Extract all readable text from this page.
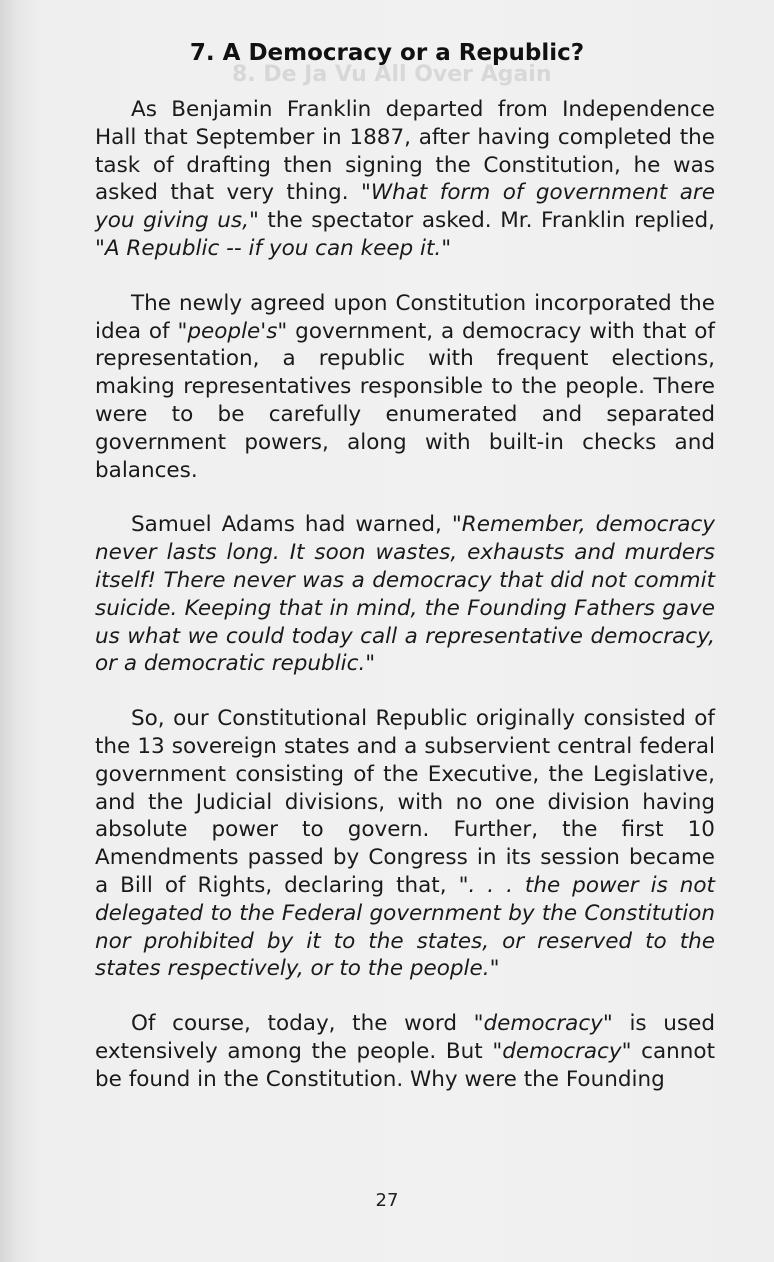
8. De Ja Vu All Over Again
7. A Democracy or a Republic?

As Benjamin Franklin departed from Independence Hall that September in 1887, after having completed the task of drafting then signing the Constitution, he was asked that very thing. "What form of government are you giving us," the spectator asked. Mr. Franklin replied, "A Republic -- if you can keep it."

The newly agreed upon Constitution incorporated the idea of "people's" government, a democracy with that of representation, a republic with frequent elections, making representatives responsible to the people. There were to be carefully enumerated and separated government powers, along with built-in checks and balances.

Samuel Adams had warned, "Remember, democracy never lasts long. It soon wastes, exhausts and murders itself! There never was a democracy that did not commit suicide. Keeping that in mind, the Founding Fathers gave us what we could today call a representative democracy, or a democratic republic."

So, our Constitutional Republic originally consisted of the 13 sovereign states and a subservient central federal government consisting of the Executive, the Legislative, and the Judicial divisions, with no one division having absolute power to govern. Further, the first 10 Amendments passed by Congress in its session became a Bill of Rights, declaring that, ". . . the power is not delegated to the Federal government by the Constitution nor prohibited by it to the states, or reserved to the states respectively, or to the people."

Of course, today, the word "democracy" is used extensively among the people. But "democracy" cannot be found in the Constitution. Why were the Founding

27
